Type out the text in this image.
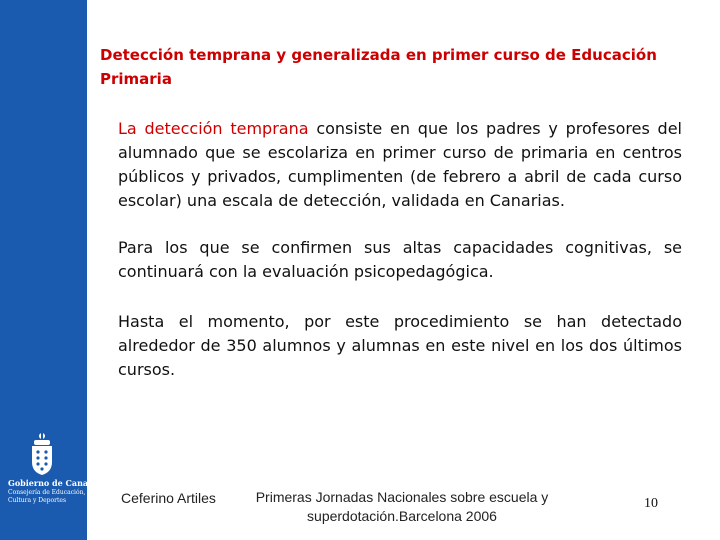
Gobierno de Canarias
Consejería de Educación,
Cultura y Deportes
Detección temprana y generalizada en primer curso de Educación Primaria

La detección temprana consiste en que los padres y profesores del alumnado que se escolariza en primer curso de primaria en centros públicos y privados, cumplimenten (de febrero a abril de cada curso escolar) una escala de detección, validada en Canarias.

Para los que se confirmen sus altas capacidades cognitivas, se continuará con la evaluación psicopedagógica.

Hasta el momento, por este procedimiento se han detectado alrededor de 350 alumnos y alumnas en este nivel en los dos últimos cursos.

Ceferino Artiles	Primeras Jornadas Nacionales sobre escuela y
superdotación.Barcelona 2006
10
